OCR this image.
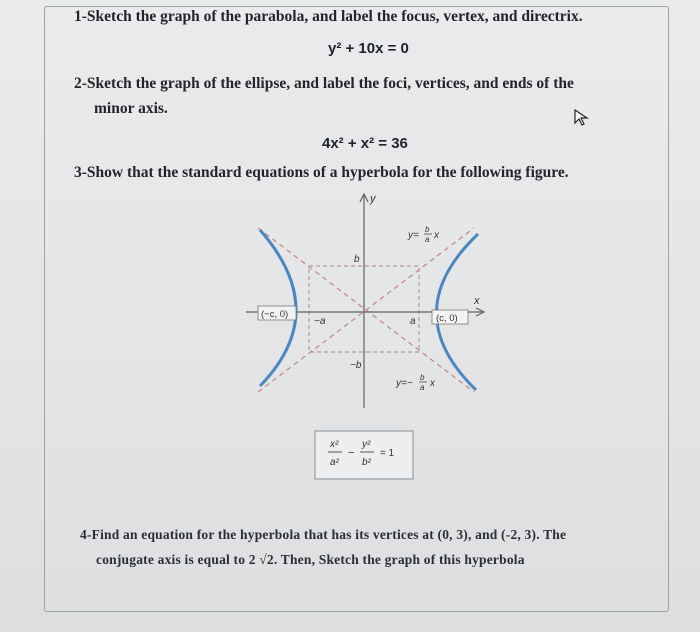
1-Sketch the graph of the parabola, and label the focus, vertex, and directrix.
y² + 10x = 0
2-Sketch the graph of the ellipse, and label the foci, vertices, and ends of the
minor axis.
4x² + x² = 36
3-Show that the standard equations of a hyperbola for the following figure.
y
x
b
−b
a
−a
(−c, 0)	(c, 0)
y=
b
a x
y=−
b
a x
x²
a²
−
y²
b²
= 1
4-Find an equation for the hyperbola that has its vertices at (0, 3), and (-2, 3). The
conjugate axis is equal to 2 √2. Then, Sketch the graph of this hyperbola
